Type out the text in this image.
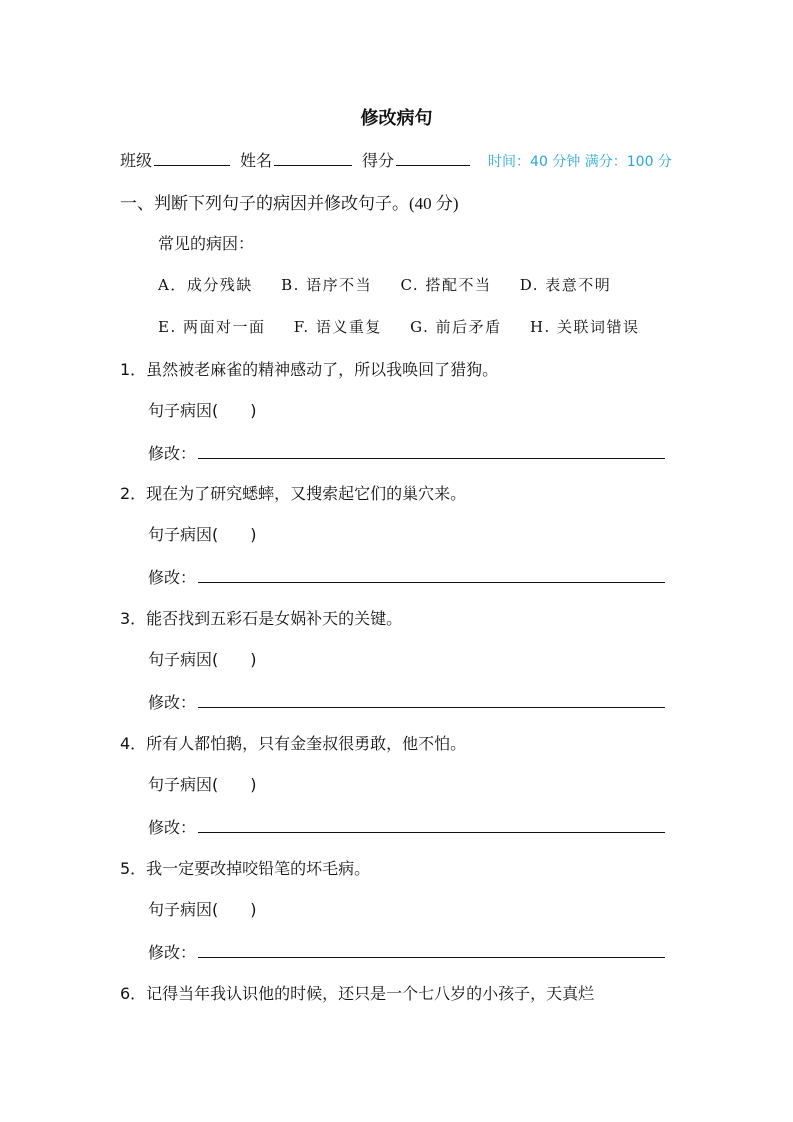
修改病句
班级	姓名	得分	时间：40 分钟 满分：100 分
一、判断下列句子的病因并修改句子。(40 分)
常见的病因：
A．成分残缺 B. 语序不当 C. 搭配不当 D. 表意不明
E. 两面对一面 F. 语义重复 G. 前后矛盾 H. 关联词错误
1．虽然被老麻雀的精神感动了，所以我唤回了猎狗。
句子病因(　　)
修改：
2．现在为了研究蟋蟀，又搜索起它们的巢穴来。
句子病因(　　)
修改：
3．能否找到五彩石是女娲补天的关键。
句子病因(　　)
修改：
4．所有人都怕鹅，只有金奎叔很勇敢，他不怕。
句子病因(　　)
修改：
5．我一定要改掉咬铅笔的坏毛病。
句子病因(　　)
修改：
6．记得当年我认识他的时候，还只是一个七八岁的小孩子，天真烂
